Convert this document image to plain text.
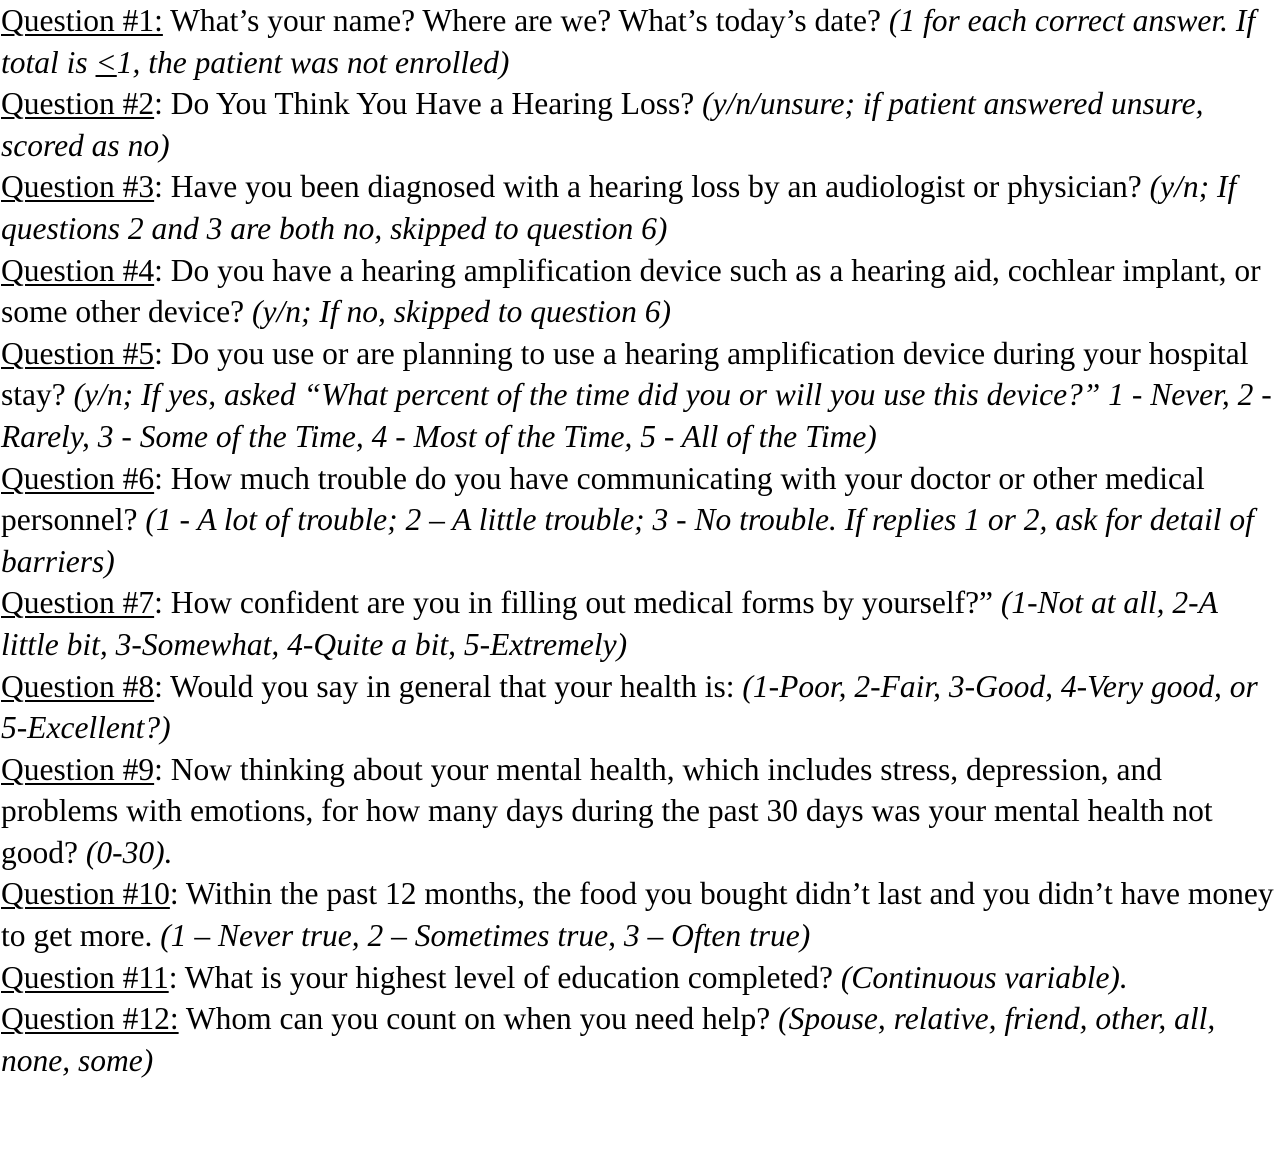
Question #1: What’s your name? Where are we? What’s today’s date? (1 for each correct answer. If total is ≤1, the patient was not enrolled)

Question #2: Do You Think You Have a Hearing Loss? (y/n/unsure; if patient answered unsure, scored as no)

Question #3: Have you been diagnosed with a hearing loss by an audiologist or physician? (y/n; If questions 2 and 3 are both no, skipped to question 6)

Question #4: Do you have a hearing amplification device such as a hearing aid, cochlear implant, or some other device? (y/n; If no, skipped to question 6)

Question #5: Do you use or are planning to use a hearing amplification device during your hospital stay? (y/n; If yes, asked “What percent of the time did you or will you use this device?” 1 - Never, 2 - Rarely, 3 - Some of the Time, 4 - Most of the Time, 5 - All of the Time)

Question #6: How much trouble do you have communicating with your doctor or other medical personnel? (1 - A lot of trouble; 2 – A little trouble; 3 - No trouble. If replies 1 or 2, ask for detail of barriers)

Question #7: How confident are you in filling out medical forms by yourself?” (1-Not at all, 2-A little bit, 3-Somewhat, 4-Quite a bit, 5-Extremely)

Question #8: Would you say in general that your health is: (1-Poor, 2-Fair, 3-Good, 4-Very good, or 5-Excellent?)

Question #9: Now thinking about your mental health, which includes stress, depression, and problems with emotions, for how many days during the past 30 days was your mental health not good? (0-30).

Question #10: Within the past 12 months, the food you bought didn’t last and you didn’t have money to get more. (1 – Never true, 2 – Sometimes true, 3 – Often true)

Question #11: What is your highest level of education completed? (Continuous variable).

Question #12: Whom can you count on when you need help? (Spouse, relative, friend, other, all, none, some)
